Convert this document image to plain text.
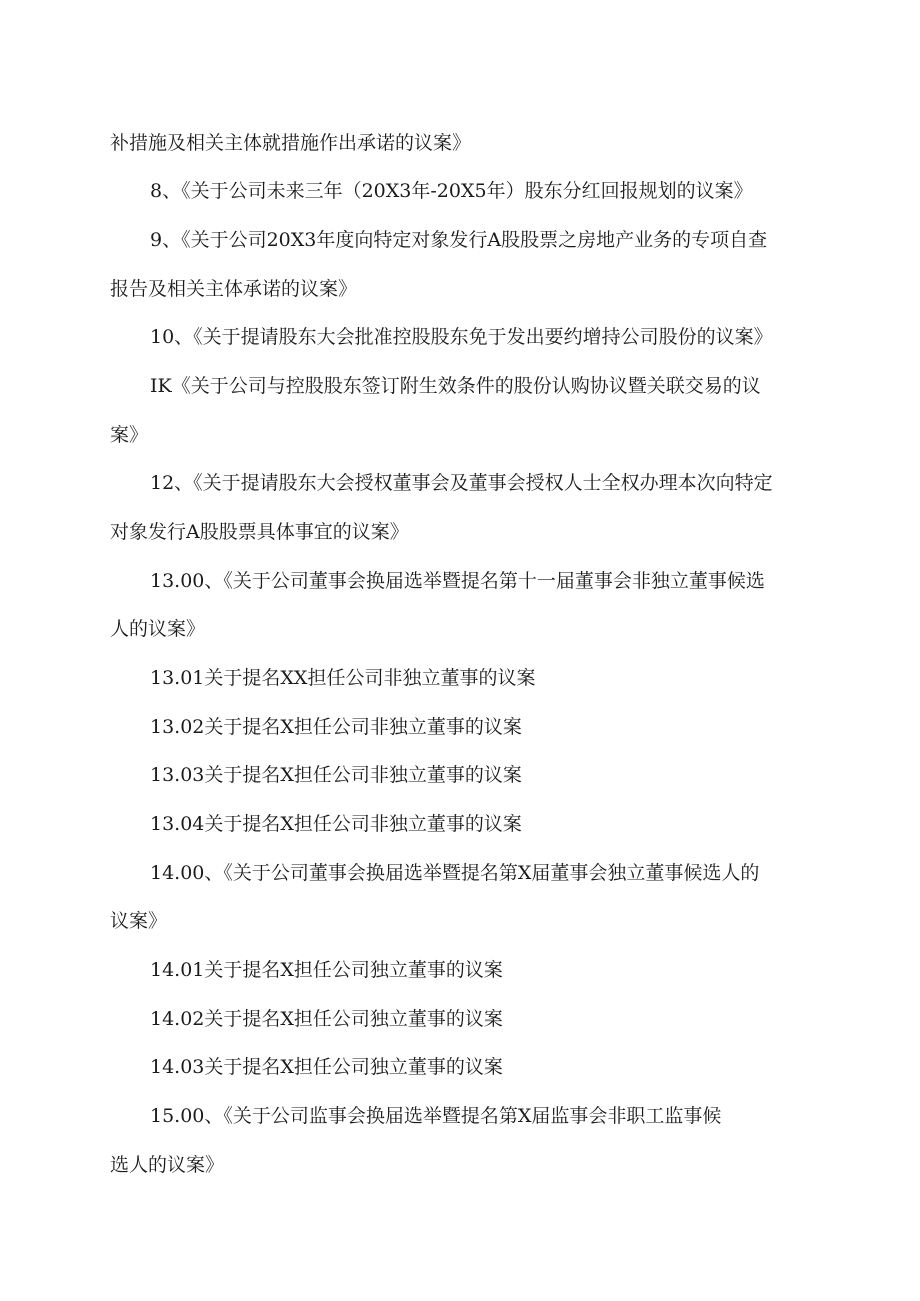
补措施及相关主体就措施作出承诺的议案》
8、《关于公司未来三年（20X3年-20X5年）股东分红回报规划的议案》
9、《关于公司20X3年度向特定对象发行A股股票之房地产业务的专项自查
报告及相关主体承诺的议案》
10、《关于提请股东大会批准控股股东免于发出要约增持公司股份的议案》
IK《关于公司与控股股东签订附生效条件的股份认购协议暨关联交易的议
案》
12、《关于提请股东大会授权董事会及董事会授权人士全权办理本次向特定
对象发行A股股票具体事宜的议案》
13.00、《关于公司董事会换届选举暨提名第十一届董事会非独立董事候选
人的议案》
13.01关于提名XX担任公司非独立董事的议案
13.02关于提名X担任公司非独立董事的议案
13.03关于提名X担任公司非独立董事的议案
13.04关于提名X担任公司非独立董事的议案
14.00、《关于公司董事会换届选举暨提名第X届董事会独立董事候选人的
议案》
14.01关于提名X担任公司独立董事的议案
14.02关于提名X担任公司独立董事的议案
14.03关于提名X担任公司独立董事的议案
15.00、《关于公司监事会换届选举暨提名第X届监事会非职工监事候
选人的议案》
